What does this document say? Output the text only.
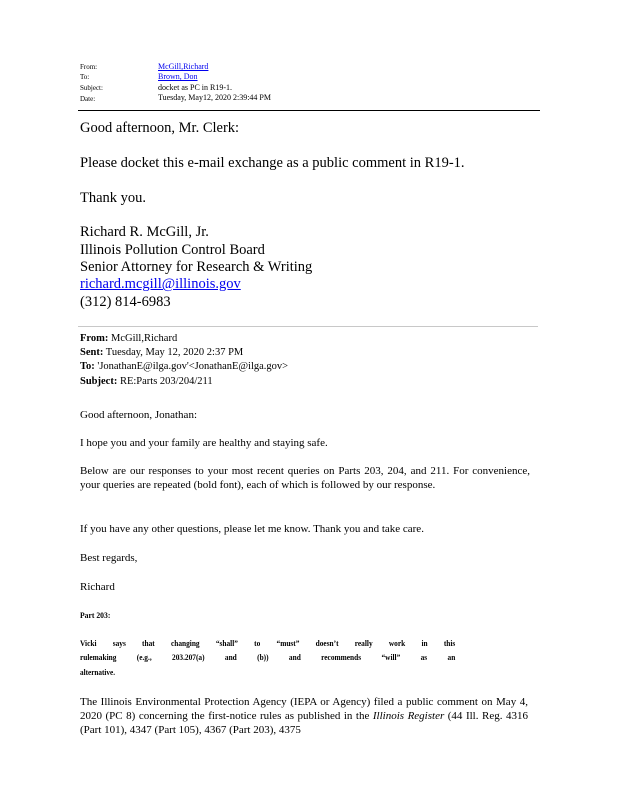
From:	McGill,Richard
To:	Brown, Don
Subject:	docket as PC in R19-1.
Date:	Tuesday, May12, 2020 2:39:44 PM
Good afternoon, Mr. Clerk:
Please docket this e-mail exchange as a public comment in R19-1.
Thank you.
Richard R. McGill, Jr.
Illinois Pollution Control Board
Senior Attorney for Research & Writing
richard.mcgill@illinois.gov
(312) 814-6983
From: McGill,Richard
Sent: Tuesday, May 12, 2020 2:37 PM
To: 'JonathanE@ilga.gov'<JonathanE@ilga.gov>
Subject: RE:Parts 203/204/211
Good afternoon, Jonathan:
I hope you and your family are healthy and staying safe.
Below are our responses to your most recent queries on Parts 203, 204, and 211. For convenience, your queries are repeated (bold font), each of which is followed by our response.
If you have any other questions, please let me know. Thank you and take care.
Best regards,
Richard
Part 203:
Vicki says that changing “shall” to “must” doesn’t really work in this
rulemaking	(e.g.,	203.207(a)	and	(b))	and	recommends	“will”	as	an
alternative.
The Illinois Environmental Protection Agency (IEPA or Agency) filed a public comment on May 4, 2020 (PC 8) concerning the first-notice rules as published in the Illinois Register (44 Ill. Reg. 4316 (Part 101), 4347 (Part 105), 4367 (Part 203), 4375
